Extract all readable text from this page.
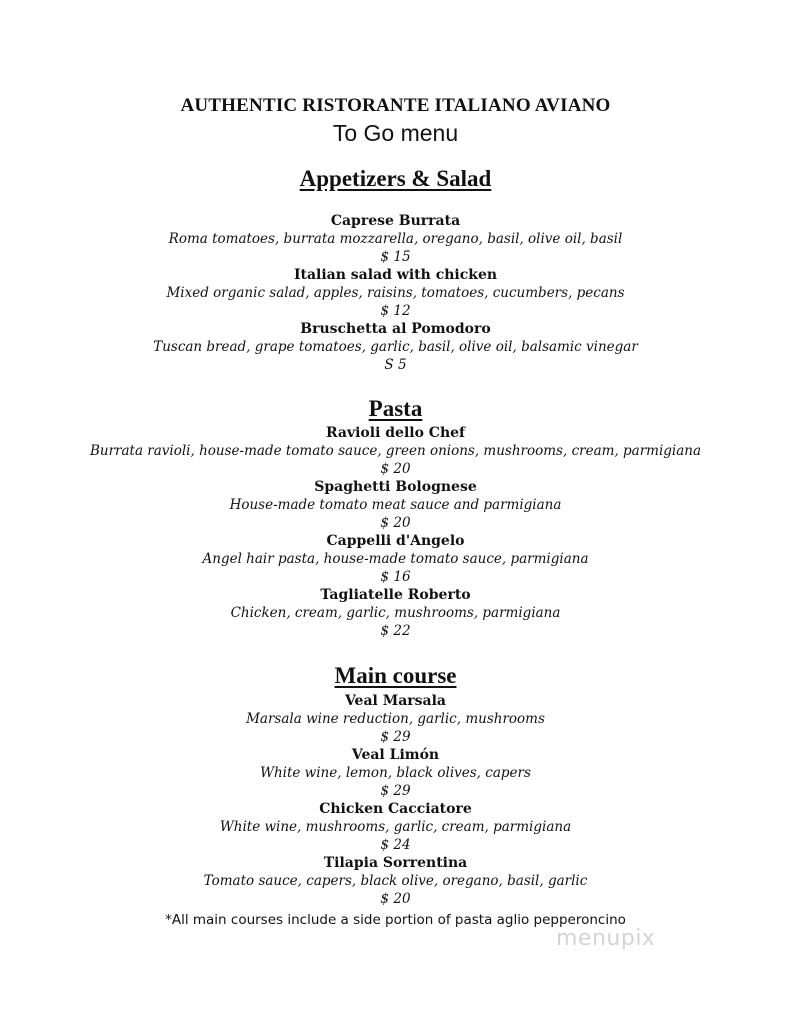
AUTHENTIC RISTORANTE ITALIANO AVIANO
To Go menu
Appetizers & Salad
Caprese Burrata
Roma tomatoes, burrata mozzarella, oregano, basil, olive oil, basil
$ 15
Italian salad with chicken
Mixed organic salad, apples, raisins, tomatoes, cucumbers, pecans
$ 12
Bruschetta al Pomodoro
Tuscan bread, grape tomatoes, garlic, basil, olive oil, balsamic vinegar
S 5
Pasta
Ravioli dello Chef
Burrata ravioli, house-made tomato sauce, green onions, mushrooms, cream, parmigiana
$ 20
Spaghetti Bolognese
House-made tomato meat sauce and parmigiana
$ 20
Cappelli d'Angelo
Angel hair pasta, house-made tomato sauce, parmigiana
$ 16
Tagliatelle Roberto
Chicken, cream, garlic, mushrooms, parmigiana
$ 22
Main course
Veal Marsala
Marsala wine reduction, garlic, mushrooms
$ 29
Veal Limón
White wine, lemon, black olives, capers
$ 29
Chicken Cacciatore
White wine, mushrooms, garlic, cream, parmigiana
$ 24
Tilapia Sorrentina
Tomato sauce, capers, black olive, oregano, basil, garlic
$ 20
*All main courses include a side portion of pasta aglio pepperoncino
menupix
